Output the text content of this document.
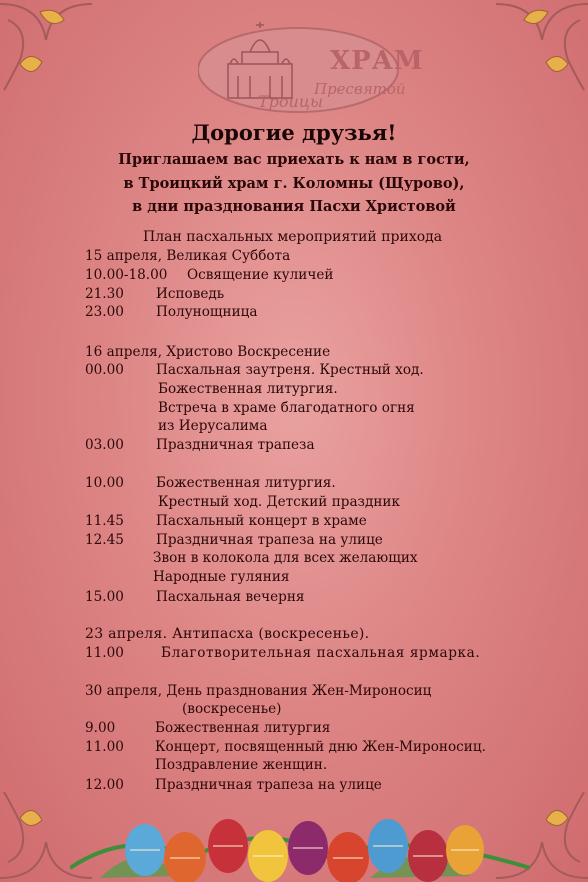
ХРАМ
Пресвятой
Троицы
Дорогие друзья!
Приглашаем вас приехать к нам в гости,
в Троицкий храм г. Коломны (Щурово),
в дни празднования Пасхи Христовой
План пасхальных мероприятий прихода
15 апреля, Великая Суббота
10.00-18.00 Освящение куличей
21.30 Исповедь
23.00 Полунощница
16 апреля, Христово Воскресение
00.00 Пасхальная заутреня. Крестный ход.
Божественная литургия.
Встреча в храме благодатного огня
из Иерусалима
03.00 Праздничная трапеза
10.00 Божественная литургия.
Крестный ход. Детский праздник
11.45 Пасхальный концерт в храме
12.45 Праздничная трапеза на улице
Звон в колокола для всех желающих
Народные гуляния
15.00 Пасхальная вечерня
23 апреля. Антипасха (воскресенье).
11.00	Благотворительная пасхальная ярмарка.
30 апреля, День празднования Жен-Мироносиц
(воскресенье)
9.00	Божественная литургия
11.00 Концерт, посвященный дню Жен-Мироносиц.
Поздравление женщин.
12.00 Праздничная трапеза на улице
